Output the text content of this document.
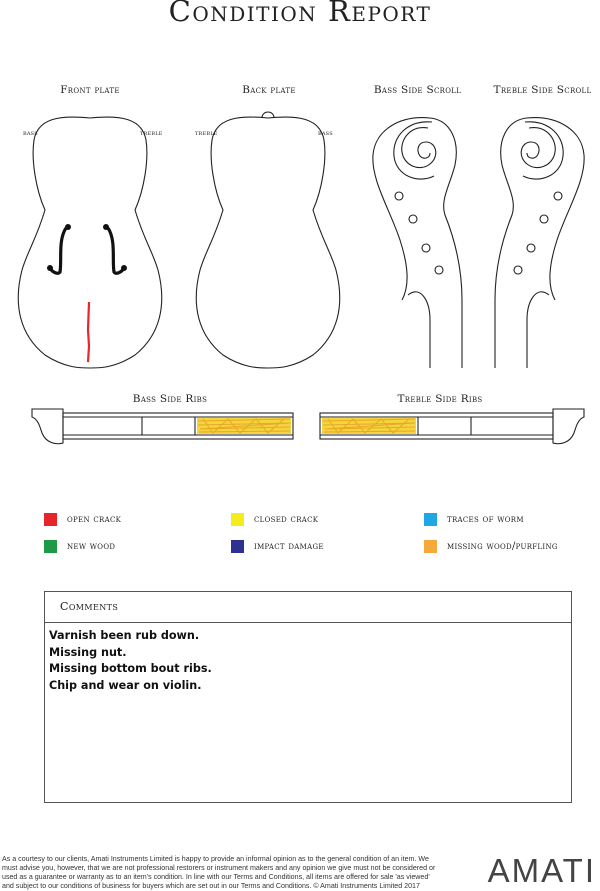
Condition Report
Front plate
bass	treble
Back plate
treble	bass
Bass Side Scroll	Treble Side Scroll
Bass Side Ribs	Treble Side Ribs
open crack	closed crack	traces of worm
new wood	impact damage	missing wood/purfling
Comments
Varnish been rub down.
Missing nut.
Missing bottom bout ribs.
Chip and wear on violin.
As a courtesy to our clients, Amati Instruments Limited is happy to provide an informal opinion as to the general condition of an item. We must advise you, however, that we are not professional restorers or instrument makers and any opinion we give must not be considered or used as a guarantee or warranty as to an item's condition. In line with our Terms and Conditions, all items are offered for sale 'as viewed' and subject to our conditions of business for buyers which are set out in our Terms and Conditions. © Amati Instruments Limited 2017	AMATI
